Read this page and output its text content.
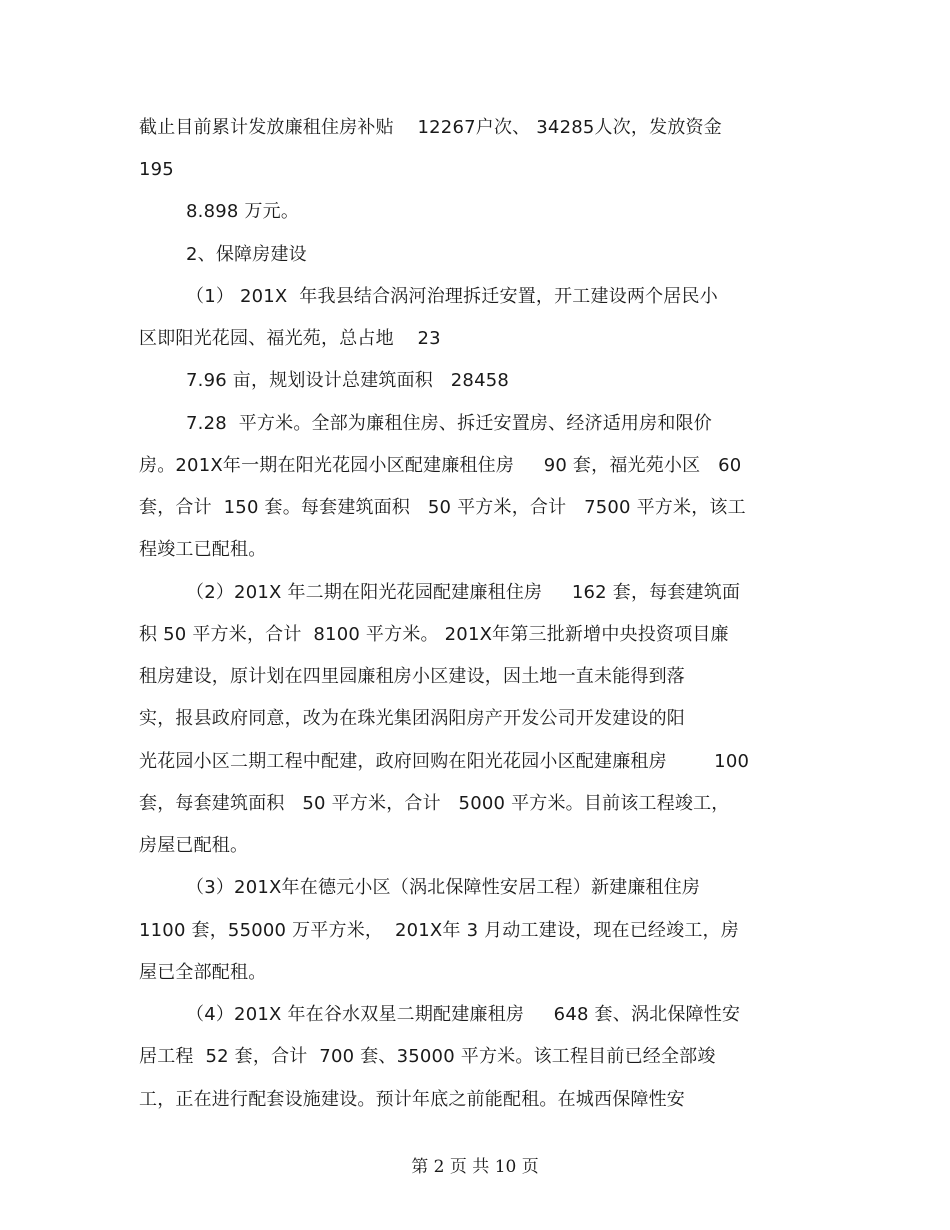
截止目前累计发放廉租住房补贴    12267户次、 34285人次，发放资金
195
8.898 万元。
2、保障房建设
（1） 201X  年我县结合涡河治理拆迁安置，开工建设两个居民小
区即阳光花园、福光苑，总占地    23
7.96 亩，规划设计总建筑面积   28458
7.28  平方米。全部为廉租住房、拆迁安置房、经济适用房和限价
房。201X年一期在阳光花园小区配建廉租住房     90 套，福光苑小区   60
套，合计  150 套。每套建筑面积   50 平方米，合计   7500 平方米，该工
程竣工已配租。
（2）201X 年二期在阳光花园配建廉租住房     162 套，每套建筑面
积 50 平方米，合计  8100 平方米。 201X年第三批新增中央投资项目廉
租房建设，原计划在四里园廉租房小区建设，因土地一直未能得到落
实，报县政府同意，改为在珠光集团涡阳房产开发公司开发建设的阳
光花园小区二期工程中配建，政府回购在阳光花园小区配建廉租房        100
套，每套建筑面积   50 平方米，合计   5000 平方米。目前该工程竣工，
房屋已配租。
（3）201X年在德元小区（涡北保障性安居工程）新建廉租住房
1100 套，55000 万平方米，  201X年 3 月动工建设，现在已经竣工，房
屋已全部配租。
（4）201X 年在谷水双星二期配建廉租房     648 套、涡北保障性安
居工程  52 套，合计  700 套、35000 平方米。该工程目前已经全部竣
工，正在进行配套设施建设。预计年底之前能配租。在城西保障性安
第 2 页 共 10 页
